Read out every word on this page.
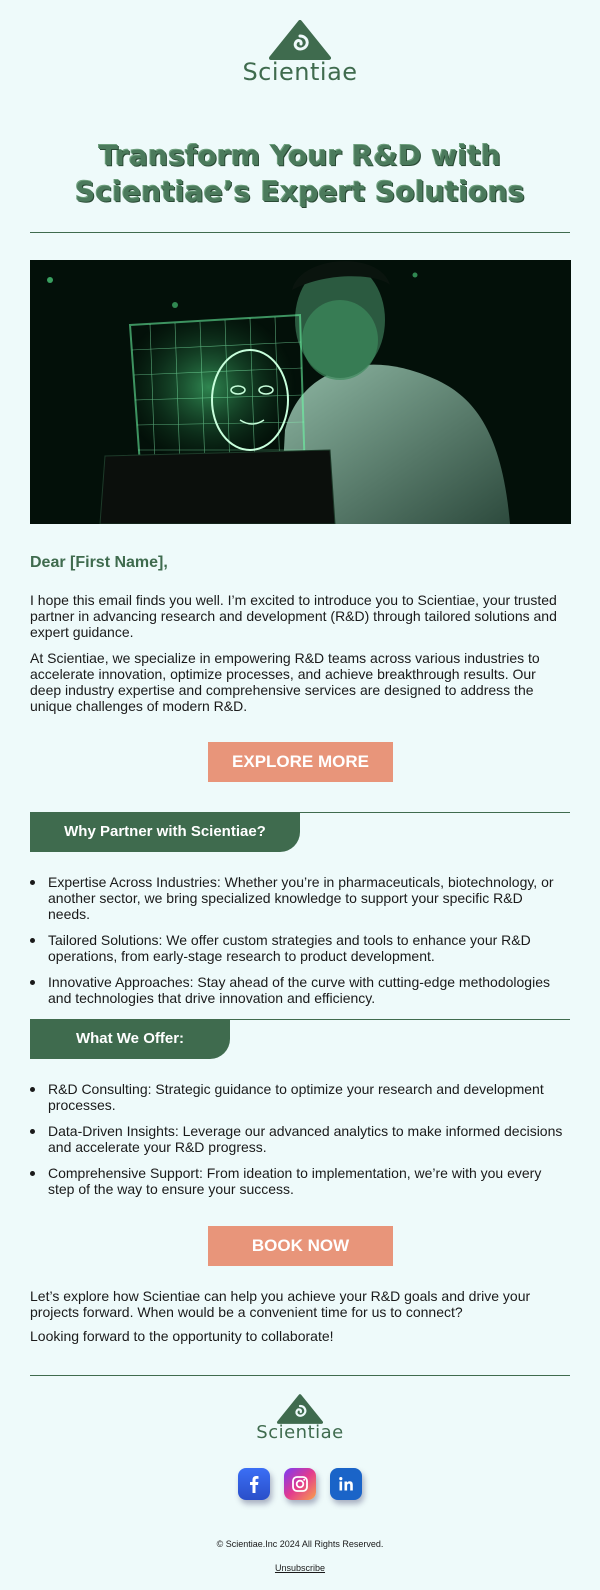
Scientiae
Transform Your R&D with
Scientiae’s Expert Solutions
Dear [First Name],

I hope this email finds you well. I’m excited to introduce you to Scientiae, your trusted partner in advancing research and development (R&D) through tailored solutions and expert guidance.

At Scientiae, we specialize in empowering R&D teams across various industries to accelerate innovation, optimize processes, and achieve breakthrough results. Our deep industry expertise and comprehensive services are designed to address the unique challenges of modern R&D.

EXPLORE MORE
Why Partner with Scientiae?
Expertise Across Industries: Whether you’re in pharmaceuticals, biotechnology, or another sector, we bring specialized knowledge to support your specific R&D needs.
Tailored Solutions: We offer custom strategies and tools to enhance your R&D operations, from early-stage research to product development.
Innovative Approaches: Stay ahead of the curve with cutting-edge methodologies and technologies that drive innovation and efficiency.
What We Offer:
R&D Consulting: Strategic guidance to optimize your research and development processes.
Data-Driven Insights: Leverage our advanced analytics to make informed decisions and accelerate your R&D progress.
Comprehensive Support: From ideation to implementation, we’re with you every step of the way to ensure your success.
BOOK NOW

Let’s explore how Scientiae can help you achieve your R&D goals and drive your projects forward. When would be a convenient time for us to connect?

Looking forward to the opportunity to collaborate!

Scientiae
© Scientiae.Inc 2024 All Rights Reserved.
Unsubscribe
